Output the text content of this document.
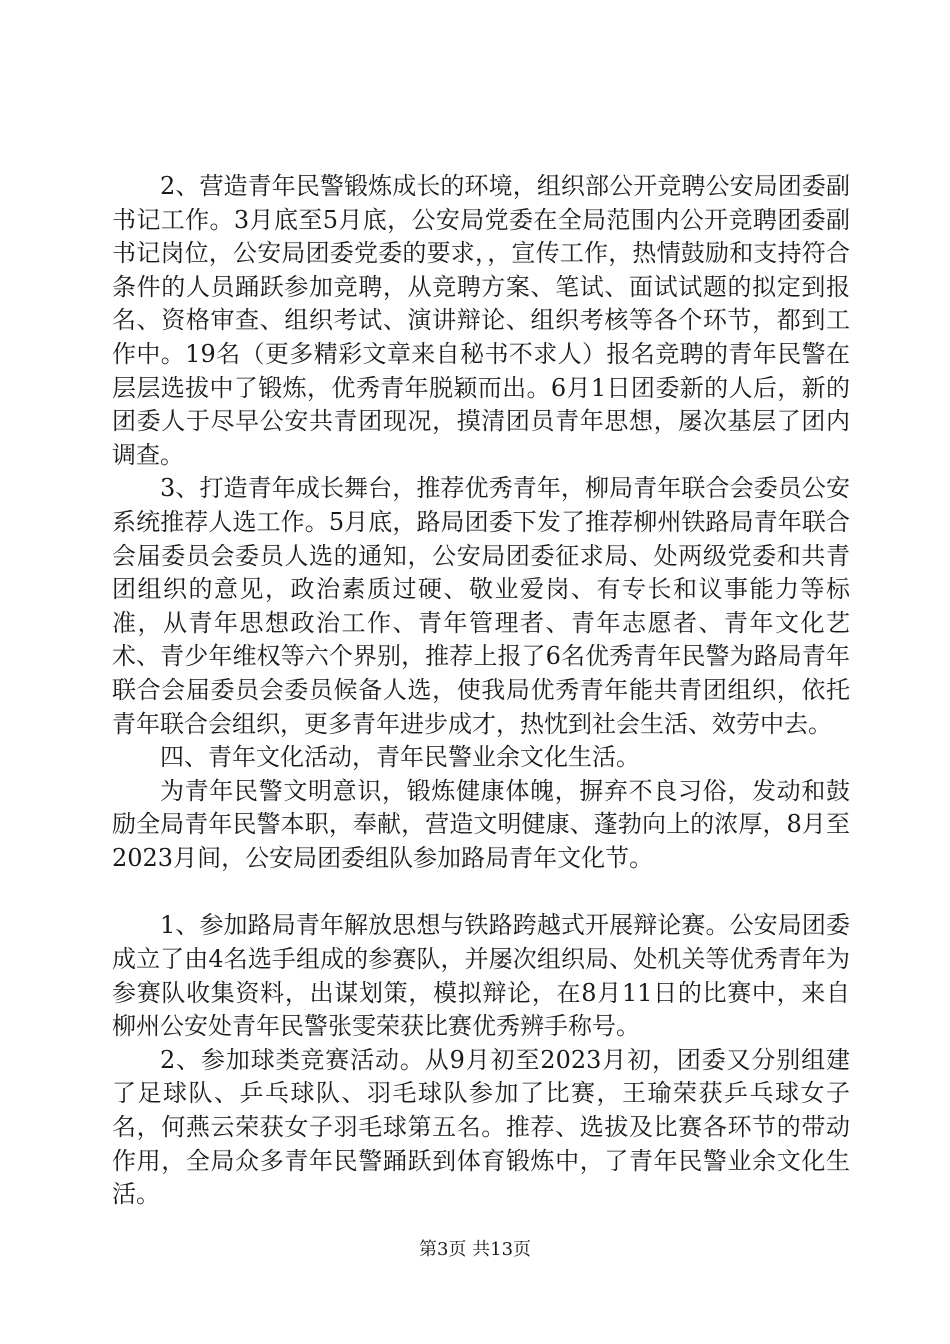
2、营造青年民警锻炼成长的环境，组织部公开竞聘公安局团委副书记工作。3月底至5月底，公安局党委在全局范围内公开竞聘团委副书记岗位，公安局团委党委的要求，，宣传工作，热情鼓励和支持符合条件的人员踊跃参加竞聘，从竞聘方案、笔试、面试试题的拟定到报名、资格审查、组织考试、演讲辩论、组织考核等各个环节，都到工作中。19名（更多精彩文章来自秘书不求人）报名竞聘的青年民警在层层选拔中了锻炼，优秀青年脱颖而出。6月1日团委新的人后，新的团委人于尽早公安共青团现况，摸清团员青年思想，屡次基层了团内调查。

3、打造青年成长舞台，推荐优秀青年，柳局青年联合会委员公安系统推荐人选工作。5月底，路局团委下发了推荐柳州铁路局青年联合会届委员会委员人选的通知，公安局团委征求局、处两级党委和共青团组织的意见，政治素质过硬、敬业爱岗、有专长和议事能力等标准，从青年思想政治工作、青年管理者、青年志愿者、青年文化艺术、青少年维权等六个界别，推荐上报了6名优秀青年民警为路局青年联合会届委员会委员候备人选，使我局优秀青年能共青团组织，依托青年联合会组织，更多青年进步成才，热忱到社会生活、效劳中去。

四、青年文化活动，青年民警业余文化生活。

为青年民警文明意识，锻炼健康体魄，摒弃不良习俗，发动和鼓励全局青年民警本职，奉献，营造文明健康、蓬勃向上的浓厚，8月至2023月间，公安局团委组队参加路局青年文化节。

1、参加路局青年解放思想与铁路跨越式开展辩论赛。公安局团委成立了由4名选手组成的参赛队，并屡次组织局、处机关等优秀青年为参赛队收集资料，出谋划策，模拟辩论，在8月11日的比赛中，来自柳州公安处青年民警张雯荣获比赛优秀辨手称号。

2、参加球类竞赛活动。从9月初至2023月初，团委又分别组建了足球队、乒乓球队、羽毛球队参加了比赛，王瑜荣获乒乓球女子名，何燕云荣获女子羽毛球第五名。推荐、选拔及比赛各环节的带动作用，全局众多青年民警踊跃到体育锻炼中，了青年民警业余文化生活。

第3页 共13页
